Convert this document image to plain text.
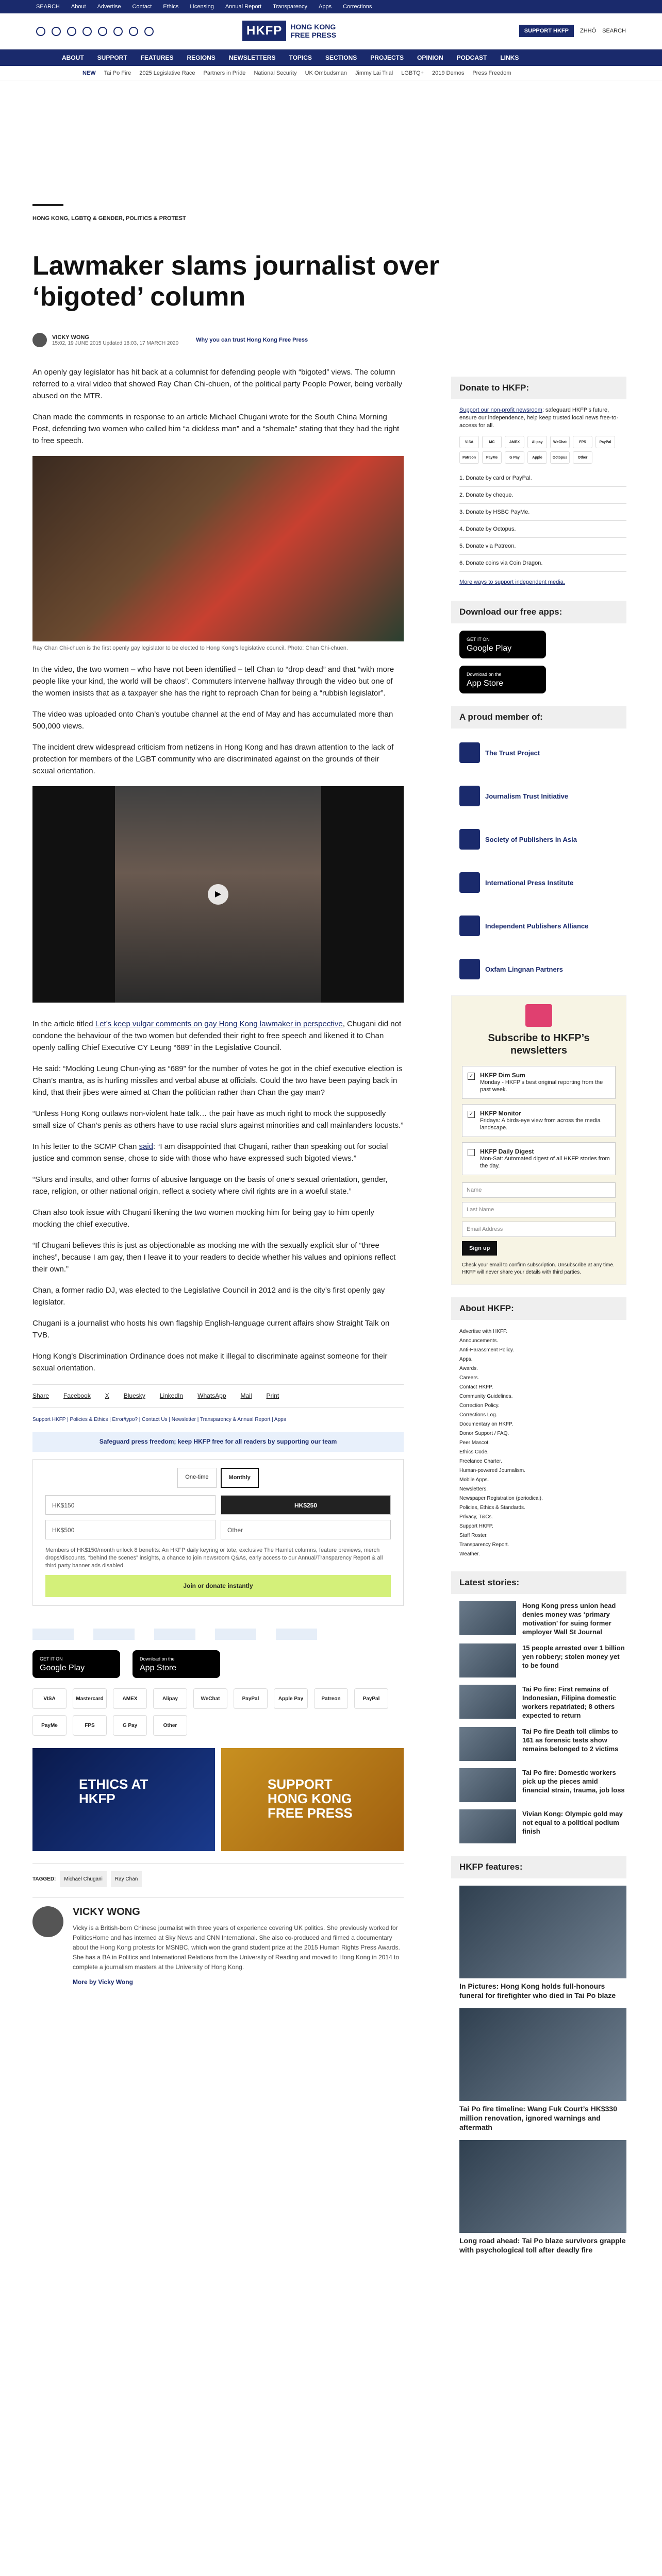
SEARCH About Advertise Contact Ethics Licensing Annual Report Transparency Apps Corrections
HKFP	HONG KONG
FREE PRESS	SUPPORT HKFP	ZHHÖ SEARCH
ABOUT SUPPORT FEATURES REGIONS NEWSLETTERS TOPICS SECTIONS PROJECTS OPINION PODCAST LINKS
NEW Tai Po Fire 2025 Legislative Race Partners in Pride National Security UK Ombudsman Jimmy Lai Trial LGBTQ+ 2019 Demos Press Freedom
HONG KONG, LGBTQ & GENDER, POLITICS & PROTEST
Lawmaker slams journalist over ‘bigoted’ column
VICKY WONG
15:02, 19 JUNE 2015 Updated 18:03, 17 MARCH 2020	Why you can trust Hong Kong Free Press

An openly gay legislator has hit back at a columnist for defending people with “bigoted” views. The column referred to a viral video that showed Ray Chan Chi-chuen, of the political party People Power, being verbally abused on the MTR.

Chan made the comments in response to an article Michael Chugani wrote for the South China Morning Post, defending two women who called him “a dickless man” and a “shemale” stating that they had the right to free speech.

Ray Chan Chi-chuen is the first openly gay legislator to be elected to Hong Kong’s legislative council. Photo: Chan Chi-chuen.

In the video, the two women – who have not been identified – tell Chan to “drop dead” and that “with more people like your kind, the world will be chaos”. Commuters intervene halfway through the video but one of the women insists that as a taxpayer she has the right to reproach Chan for being a “rubbish legislator”.

The video was uploaded onto Chan’s youtube channel at the end of May and has accumulated more than 500,000 views.

The incident drew widespread criticism from netizens in Hong Kong and has drawn attention to the lack of protection for members of the LGBT community who are discriminated against on the grounds of their sexual orientation.

▶

In the article titled Let’s keep vulgar comments on gay Hong Kong lawmaker in perspective, Chugani did not condone the behaviour of the two women but defended their right to free speech and likened it to Chan openly calling Chief Executive CY Leung “689” in the Legislative Council.

He said: “Mocking Leung Chun-ying as “689” for the number of votes he got in the chief executive election is Chan’s mantra, as is hurling missiles and verbal abuse at officials. Could the two have been paying back in kind, that their jibes were aimed at Chan the politician rather than Chan the gay man?

“Unless Hong Kong outlaws non-violent hate talk… the pair have as much right to mock the supposedly small size of Chan’s penis as others have to use racial slurs against minorities and call mainlanders locusts.”

In his letter to the SCMP Chan said: “I am disappointed that Chugani, rather than speaking out for social justice and common sense, chose to side with those who have expressed such bigoted views.”

“Slurs and insults, and other forms of abusive language on the basis of one’s sexual orientation, gender, race, religion, or other national origin, reflect a society where civil rights are in a woeful state.”

Chan also took issue with Chugani likening the two women mocking him for being gay to him openly mocking the chief executive.

“If Chugani believes this is just as objectionable as mocking me with the sexually explicit slur of “three inches”, because I am gay, then I leave it to your readers to decide whether his values and opinions reflect their own.”

Chan, a former radio DJ, was elected to the Legislative Council in 2012 and is the city’s first openly gay legislator.

Chugani is a journalist who hosts his own flagship English-language current affairs show Straight Talk on TVB.

Hong Kong’s Discrimination Ordinance does not make it illegal to discriminate against someone for their sexual orientation.

Share Facebook X Bluesky LinkedIn WhatsApp Mail Print
Support HKFP | Policies & Ethics | Error/typo? | Contact Us | Newsletter | Transparency & Annual Report | Apps
Safeguard press freedom; keep HKFP free for all readers by supporting our team
One-time	Monthly
HK$150	HK$250
HK$500	Other
Members of HK$150/month unlock 8 benefits: An HKFP daily keyring or tote, exclusive The Hamlet columns, feature previews, merch drops/discounts, “behind the scenes” insights, a chance to join newsroom Q&As, early access to our Annual/Transparency Report & all third party banner ads disabled.
Join or donate instantly
GET IT ON
Google Play
Download on the
App Store
VISA	Mastercard	AMEX	Alipay	WeChat	PayPal	Apple Pay	Patreon	PayPal
PayMe	FPS	G Pay	Other
ETHICS AT HKFP
SUPPORT HONG KONG FREE PRESS
TAGGED:	Michael Chugani	Ray Chan
VICKY WONG

Vicky is a British-born Chinese journalist with three years of experience covering UK politics. She previously worked for PoliticsHome and has interned at Sky News and CNN International. She also co-produced and filmed a documentary about the Hong Kong protests for MSNBC, which won the grand student prize at the 2015 Human Rights Press Awards. She has a BA in Politics and International Relations from the University of Reading and moved to Hong Kong in 2014 to complete a journalism masters at the University of Hong Kong.

More by Vicky Wong
Donate to HKFP:
Support our non-profit newsroom: safeguard HKFP’s future, ensure our independence, help keep trusted local news free-to-access for all.
VISA	MC	AMEX	Alipay	WeChat	FPS	PayPal
Patreon	PayMe	G Pay	Apple	Octopus	Other
1. Donate by card or PayPal.
2. Donate by cheque.
3. Donate by HSBC PayMe.
4. Donate by Octopus.
5. Donate via Patreon.
6. Donate coins via Coin Dragon.
More ways to support independent media.
Download our free apps:
GET IT ON
Google Play
Download on the
App Store
A proud member of:
The Trust Project
Journalism Trust Initiative
Society of Publishers in Asia
International Press Institute
Independent Publishers Alliance
Oxfam Lingnan Partners
Subscribe to HKFP’s newsletters
✓ HKFP Dim Sum
Monday - HKFP’s best original reporting from the past week.
✓ HKFP Monitor
Fridays: A birds-eye view from across the media landscape.
HKFP Daily Digest
Mon-Sat: Automated digest of all HKFP stories from the day.
Name
Last Name
Email Address
Sign up
Check your email to confirm subscription. Unsubscribe at any time. HKFP will never share your details with third parties.
About HKFP:
Advertise with HKFP.
Announcements.
Anti-Harassment Policy.
Apps.
Awards.
Careers.
Contact HKFP.
Community Guidelines.
Correction Policy.
Corrections Log.
Documentary on HKFP.
Donor Support / FAQ.
Peer Mascot.
Ethics Code.
Freelance Charter.
Human-powered Journalism.
Mobile Apps.
Newsletters.
Newspaper Registration (periodical).
Policies, Ethics & Standards.
Privacy, T&Cs.
Support HKFP.
Staff Roster.
Transparency Report.
Weather.
Latest stories:

Hong Kong press union head denies money was ‘primary motivation’ for suing former employer Wall St Journal

15 people arrested over 1 billion yen robbery; stolen money yet to be found

Tai Po fire: First remains of Indonesian, Filipina domestic workers repatriated; 8 others expected to return

Tai Po fire Death toll climbs to 161 as forensic tests show remains belonged to 2 victims

Tai Po fire: Domestic workers pick up the pieces amid financial strain, trauma, job loss

Vivian Kong: Olympic gold may not equal to a political podium finish

HKFP features:

In Pictures: Hong Kong holds full-honours funeral for firefighter who died in Tai Po blaze

Tai Po fire timeline: Wang Fuk Court’s HK$330 million renovation, ignored warnings and aftermath

Long road ahead: Tai Po blaze survivors grapple with psychological toll after deadly fire
